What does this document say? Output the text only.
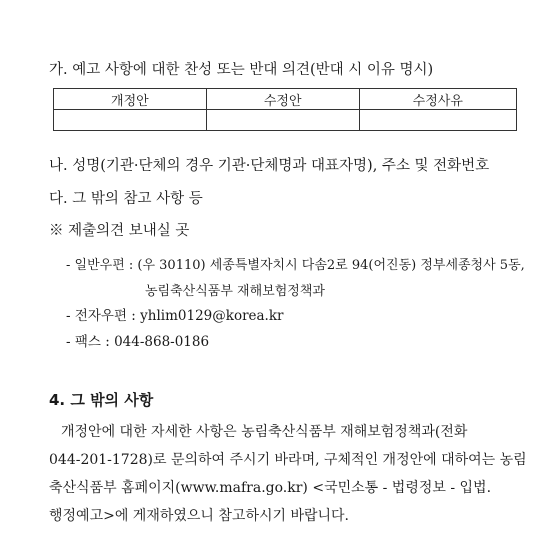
가. 예고 사항에 대한 찬성 또는 반대 의견(반대 시 이유 명시)
개정안	수정안	수정사유

나. 성명(기관·단체의 경우 기관·단체명과 대표자명), 주소 및 전화번호
다. 그 밖의 참고 사항 등
※ 제출의견 보내실 곳
- 일반우편 : (우 30110) 세종특별자치시 다솜2로 94(어진동) 정부세종청사 5동,
농림축산식품부 재해보험정책과
- 전자우편 : yhlim0129@korea.kr
- 팩스 : 044-868-0186
4. 그 밖의 사항
개정안에 대한 자세한 사항은 농림축산식품부 재해보험정책과(전화
044-201-1728)로 문의하여 주시기 바라며, 구체적인 개정안에 대하여는 농림
축산식품부 홈페이지(www.mafra.go.kr) <국민소통 - 법령정보 - 입법.
행정예고>에 게재하였으니 참고하시기 바랍니다.
